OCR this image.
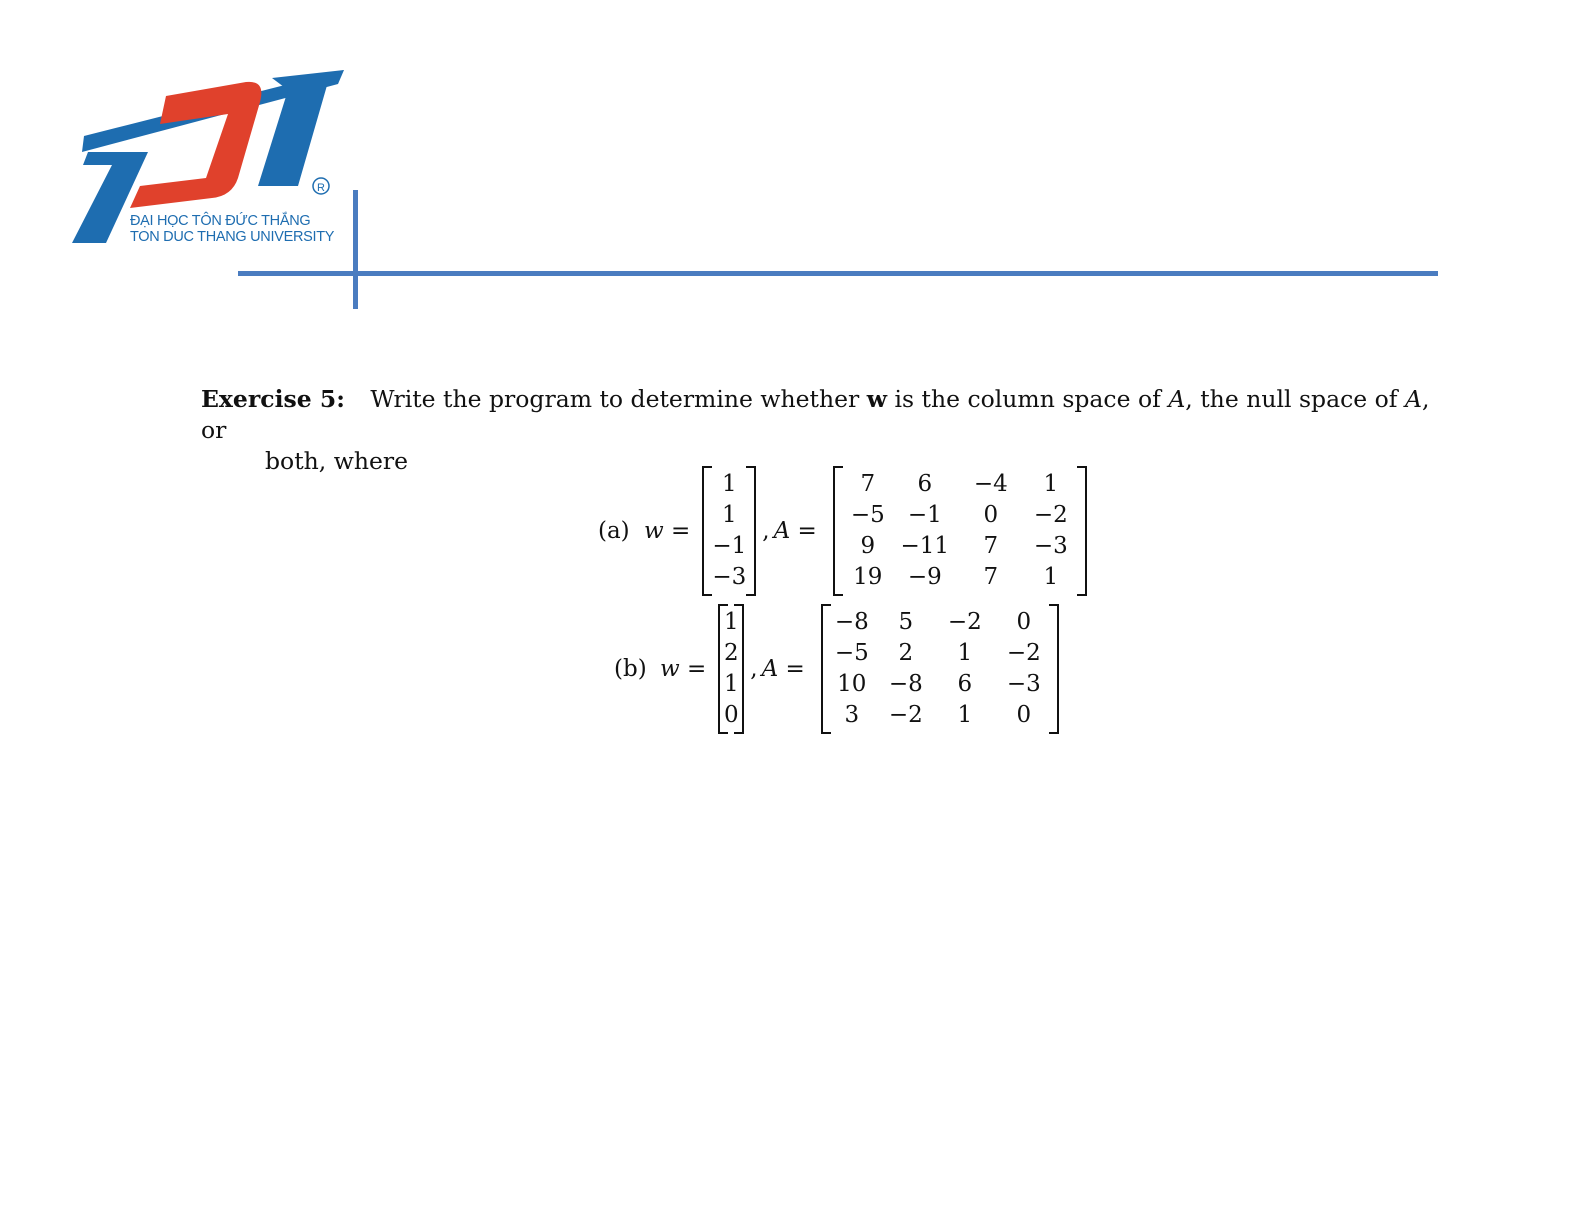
R
ĐẠI HỌC TÔN ĐỨC THẮNG
TON DUC THANG UNIVERSITY
Exercise 5: Write the program to determine whether w is the column space of A, the null space of A, or
both, where
(a) w =
1
1
−1
−3
, A =
7	6	−4	1
−5	−1	0	−2
9	−11	7	−3
19	−9	7	1
(b) w =
1
2
1
0
, A =
−8	5	−2	0
−5	2	1	−2
10 −8	6	−3
3	−2	1	0
